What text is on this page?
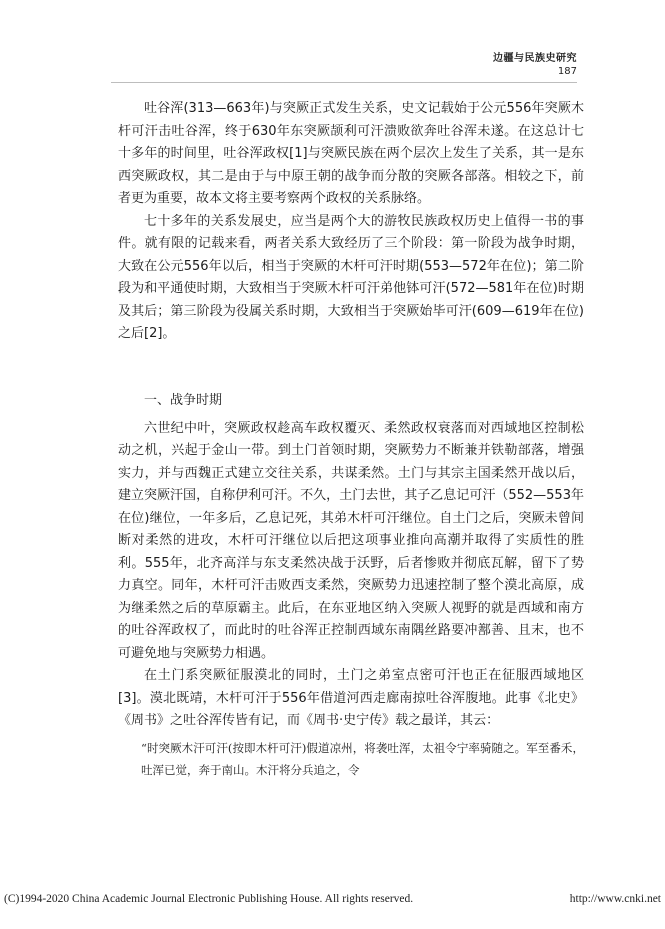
边疆与民族史研究
187

吐谷浑(313—663年)与突厥正式发生关系，史文记载始于公元556年突厥木杆可汗击吐谷浑，终于630年东突厥颉利可汗溃败欲奔吐谷浑未遂。在这总计七十多年的时间里，吐谷浑政权[1]与突厥民族在两个层次上发生了关系，其一是东西突厥政权，其二是由于与中原王朝的战争而分散的突厥各部落。相较之下，前者更为重要，故本文将主要考察两个政权的关系脉络。

七十多年的关系发展史，应当是两个大的游牧民族政权历史上值得一书的事件。就有限的记载来看，两者关系大致经历了三个阶段：第一阶段为战争时期，大致在公元556年以后，相当于突厥的木杆可汗时期(553—572年在位)；第二阶段为和平通使时期，大致相当于突厥木杆可汗弟他钵可汗(572—581年在位)时期及其后；第三阶段为役属关系时期，大致相当于突厥始毕可汗(609—619年在位)之后[2]。

一、战争时期

六世纪中叶，突厥政权趁高车政权覆灭、柔然政权衰落而对西域地区控制松动之机，兴起于金山一带。到土门首领时期，突厥势力不断兼并铁勒部落，增强实力，并与西魏正式建立交往关系，共谋柔然。土门与其宗主国柔然开战以后，建立突厥汗国，自称伊利可汗。不久，土门去世，其子乙息记可汗（552—553年在位)继位，一年多后，乙息记死，其弟木杆可汗继位。自土门之后，突厥未曾间断对柔然的进攻，木杆可汗继位以后把这项事业推向高潮并取得了实质性的胜利。555年，北齐高洋与东支柔然决战于沃野，后者惨败并彻底瓦解，留下了势力真空。同年，木杆可汗击败西支柔然，突厥势力迅速控制了整个漠北高原，成为继柔然之后的草原霸主。此后，在东亚地区纳入突厥人视野的就是西域和南方的吐谷浑政权了，而此时的吐谷浑正控制西域东南隅丝路要冲鄯善、且末，也不可避免地与突厥势力相遇。

在土门系突厥征服漠北的同时，土门之弟室点密可汗也正在征服西域地区[3]。漠北既靖，木杆可汗于556年借道河西走廊南掠吐谷浑腹地。此事《北史》《周书》之吐谷浑传皆有记，而《周书·史宁传》载之最详，其云：

“时突厥木汗可汗(按即木杆可汗)假道凉州，将袭吐浑，太祖令宁率骑随之。军至番禾，吐浑已觉，奔于南山。木汗将分兵追之，令

(C)1994-2020 China Academic Journal Electronic Publishing House. All rights reserved.	http://www.cnki.net
